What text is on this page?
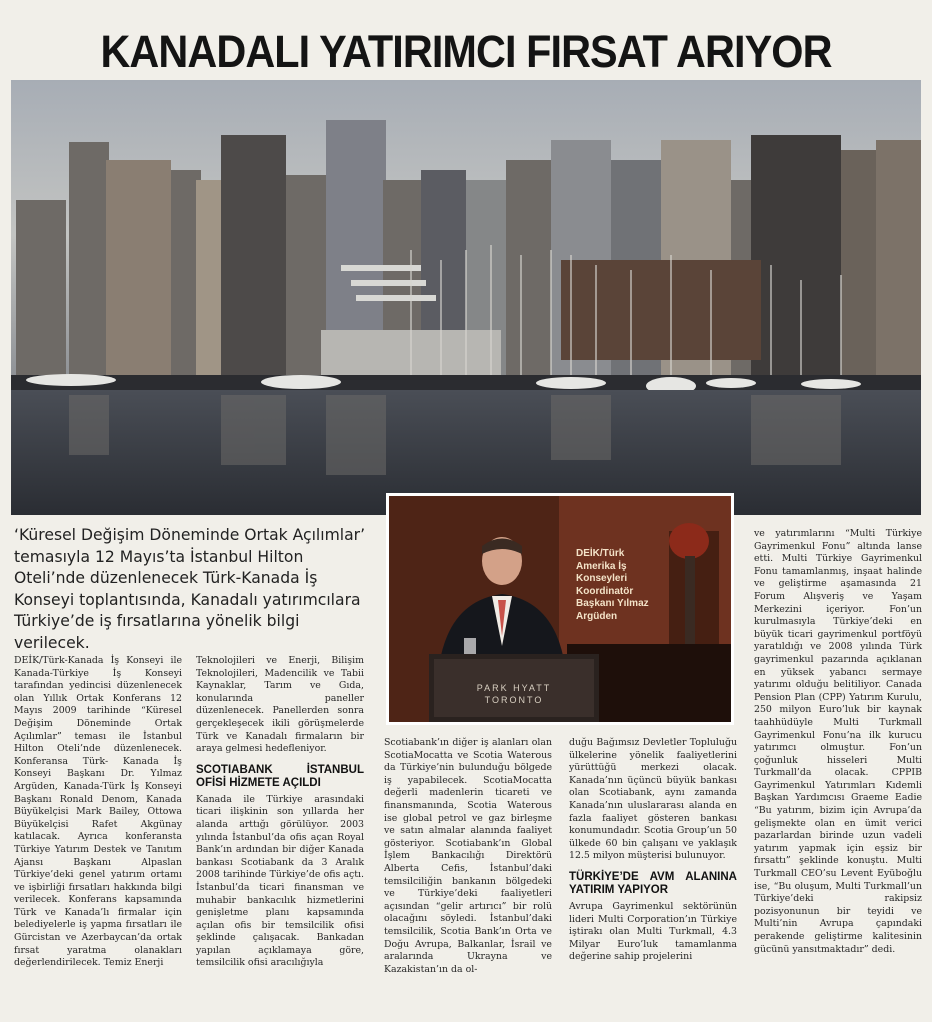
KANADALI YATIRIMCI FIRSAT ARIYOR
‘Küresel Değişim Döneminde Ortak Açılımlar’ temasıyla 12 Mayıs’ta İstanbul Hilton Oteli’nde düzenlenecek Türk-Kanada İş Konseyi toplantısında, Kanadalı yatırımcılara Türkiye’de iş fırsatlarına yönelik bilgi verilecek.
DEİK/Türk
Amerika İş
Konseyleri
Koordinatör
Başkanı Yılmaz
Argüden
PARK HYATT
TORONTO

DEİK/Türk-Kanada İş Konseyi ile Kanada-Türkiye İş Konseyi tarafından yedincisi düzenlenecek olan Yıllık Ortak Konferans 12 Mayıs 2009 tarihinde “Küresel Değişim Döneminde Ortak Açılımlar” teması ile İstanbul Hilton Oteli’nde düzenlenecek. Konferansa Türk- Kanada İş Konseyi Başkanı Dr. Yılmaz Argüden, Kanada-Türk İş Konseyi Başkanı Ronald Denom, Kanada Büyükelçisi Mark Bailey, Ottowa Büyükelçisi Rafet Akgünay katılacak. Ayrıca konferansta Türkiye Yatırım Destek ve Tanıtım Ajansı Başkanı Alpaslan Türkiye’deki genel yatırım ortamı ve işbirliği fırsatları hakkında bilgi verilecek. Konferans kapsamında Türk ve Kanada’lı firmalar için belediyelerle iş yapma fırsatları ile Gürcistan ve Azerbaycan’da ortak fırsat yaratma olanakları değerlendirilecek. Temiz Enerji

Teknolojileri ve Enerji, Bilişim Teknolojileri, Madencilik ve Tabii Kaynaklar, Tarım ve Gıda, konularında paneller düzenlenecek. Panellerden sonra gerçekleşecek ikili görüşmelerde Türk ve Kanadalı firmaların bir araya gelmesi hedefleniyor.

SCOTIABANK İSTANBUL OFİSİ HİZMETE AÇILDI

Kanada ile Türkiye arasındaki ticari ilişkinin son yıllarda her alanda arttığı görülüyor. 2003 yılında İstanbul’da ofis açan Royal Bank’ın ardından bir diğer Kanada bankası Scotiabank da 3 Aralık 2008 tarihinde Türkiye’de ofis açtı. İstanbul’da ticari finansman ve muhabir bankacılık hizmetlerini genişletme planı kapsamında açılan ofis bir temsilcilik ofisi şeklinde çalışacak. Bankadan yapılan açıklamaya göre, temsilcilik ofisi aracılığıyla

Scotiabank’ın diğer iş alanları olan ScotiaMocatta ve Scotia Waterous da Türkiye’nin bulunduğu bölgede iş yapabilecek. ScotiaMocatta değerli madenlerin ticareti ve finansmanında, Scotia Waterous ise global petrol ve gaz birleşme ve satın almalar alanında faaliyet gösteriyor. Scotiabank’ın Global İşlem Bankacılığı Direktörü Alberta Cefis, İstanbul’daki temsilciliğin bankanın bölgedeki ve Türkiye’deki faaliyetleri açısından “gelir artırıcı” bir rolü olacağını söyledi. İstanbul’daki temsilcilik, Scotia Bank’ın Orta ve Doğu Avrupa, Balkanlar, İsrail ve aralarında Ukrayna ve Kazakistan’ın da ol-

duğu Bağımsız Devletler Topluluğu ülkelerine yönelik faaliyetlerini yürüttüğü merkezi olacak. Kanada’nın üçüncü büyük bankası olan Scotiabank, aynı zamanda Kanada’nın uluslararası alanda en fazla faaliyet gösteren bankası konumundadır. Scotia Group’un 50 ülkede 60 bin çalışanı ve yaklaşık 12.5 milyon müşterisi bulunuyor.

TÜRKİYE’DE AVM ALANINA YATIRIM YAPIYOR

Avrupa Gayrimenkul sektörünün lideri Multi Corporation’ın Türkiye iştirakı olan Multi Turkmall, 4.3 Milyar Euro’luk tamamlanma değerine sahip projelerini

ve yatırımlarını “Multi Türkiye Gayrimenkul Fonu” altında lanse etti. Multi Türkiye Gayrimenkul Fonu tamamlanmış, inşaat halinde ve geliştirme aşamasında 21 Forum Alışveriş ve Yaşam Merkezini içeriyor. Fon’un kurulmasıyla Türkiye’deki en büyük ticari gayrimenkul portföyü yaratıldığı ve 2008 yılında Türk gayrimenkul pazarında açıklanan en yüksek yabancı sermaye yatırımı olduğu belitiliyor. Canada Pension Plan (CPP) Yatırım Kurulu, 250 milyon Euro’luk bir kaynak taahhüdüyle Multi Turkmall Gayrimenkul Fonu’na ilk kurucu yatırımcı olmuştur. Fon’un çoğunluk hisseleri Multi Turkmall’da olacak. CPPIB Gayrimenkul Yatırımları Kıdemli Başkan Yardımcısı Graeme Eadie “Bu yatırım, bizim için Avrupa’da gelişmekte olan en ümit verici pazarlardan birinde uzun vadeli yatırım yapmak için eşsiz bir fırsattı” şeklinde konuştu. Multi Turkmall CEO’su Levent Eyüboğlu ise, “Bu oluşum, Multi Turkmall’un Türkiye’deki rakipsiz pozisyonunun bir teyidi ve Multi’nin Avrupa çapındaki perakende geliştirme kalitesinin gücünü yansıtmaktadır” dedi.
